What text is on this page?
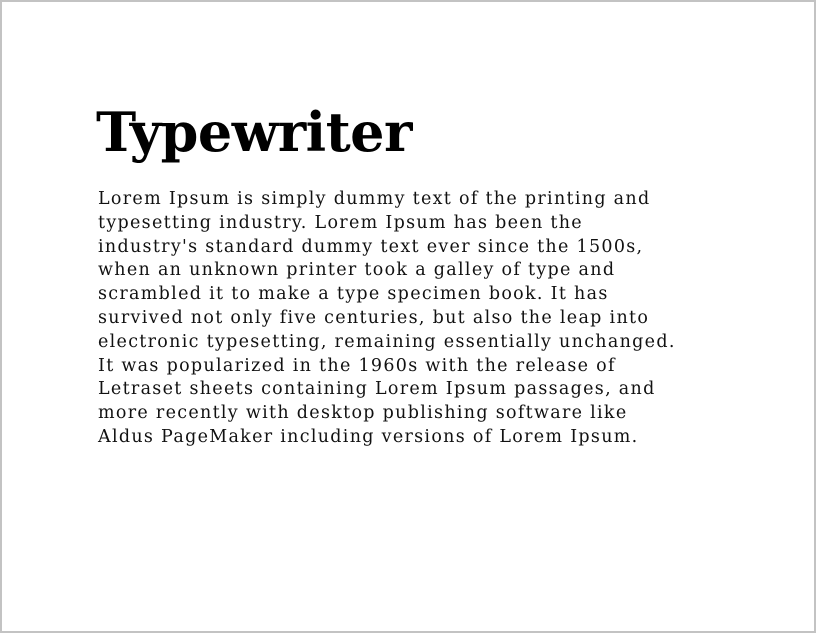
Typewriter
Lorem Ipsum is simply dummy text of the printing and
typesetting industry. Lorem Ipsum has been the
industry's standard dummy text ever since the 1500s,
when an unknown printer took a galley of type and
scrambled it to make a type specimen book. It has
survived not only five centuries, but also the leap into
electronic typesetting, remaining essentially unchanged.
It was popularized in the 1960s with the release of
Letraset sheets containing Lorem Ipsum passages, and
more recently with desktop publishing software like
Aldus PageMaker including versions of Lorem Ipsum.
